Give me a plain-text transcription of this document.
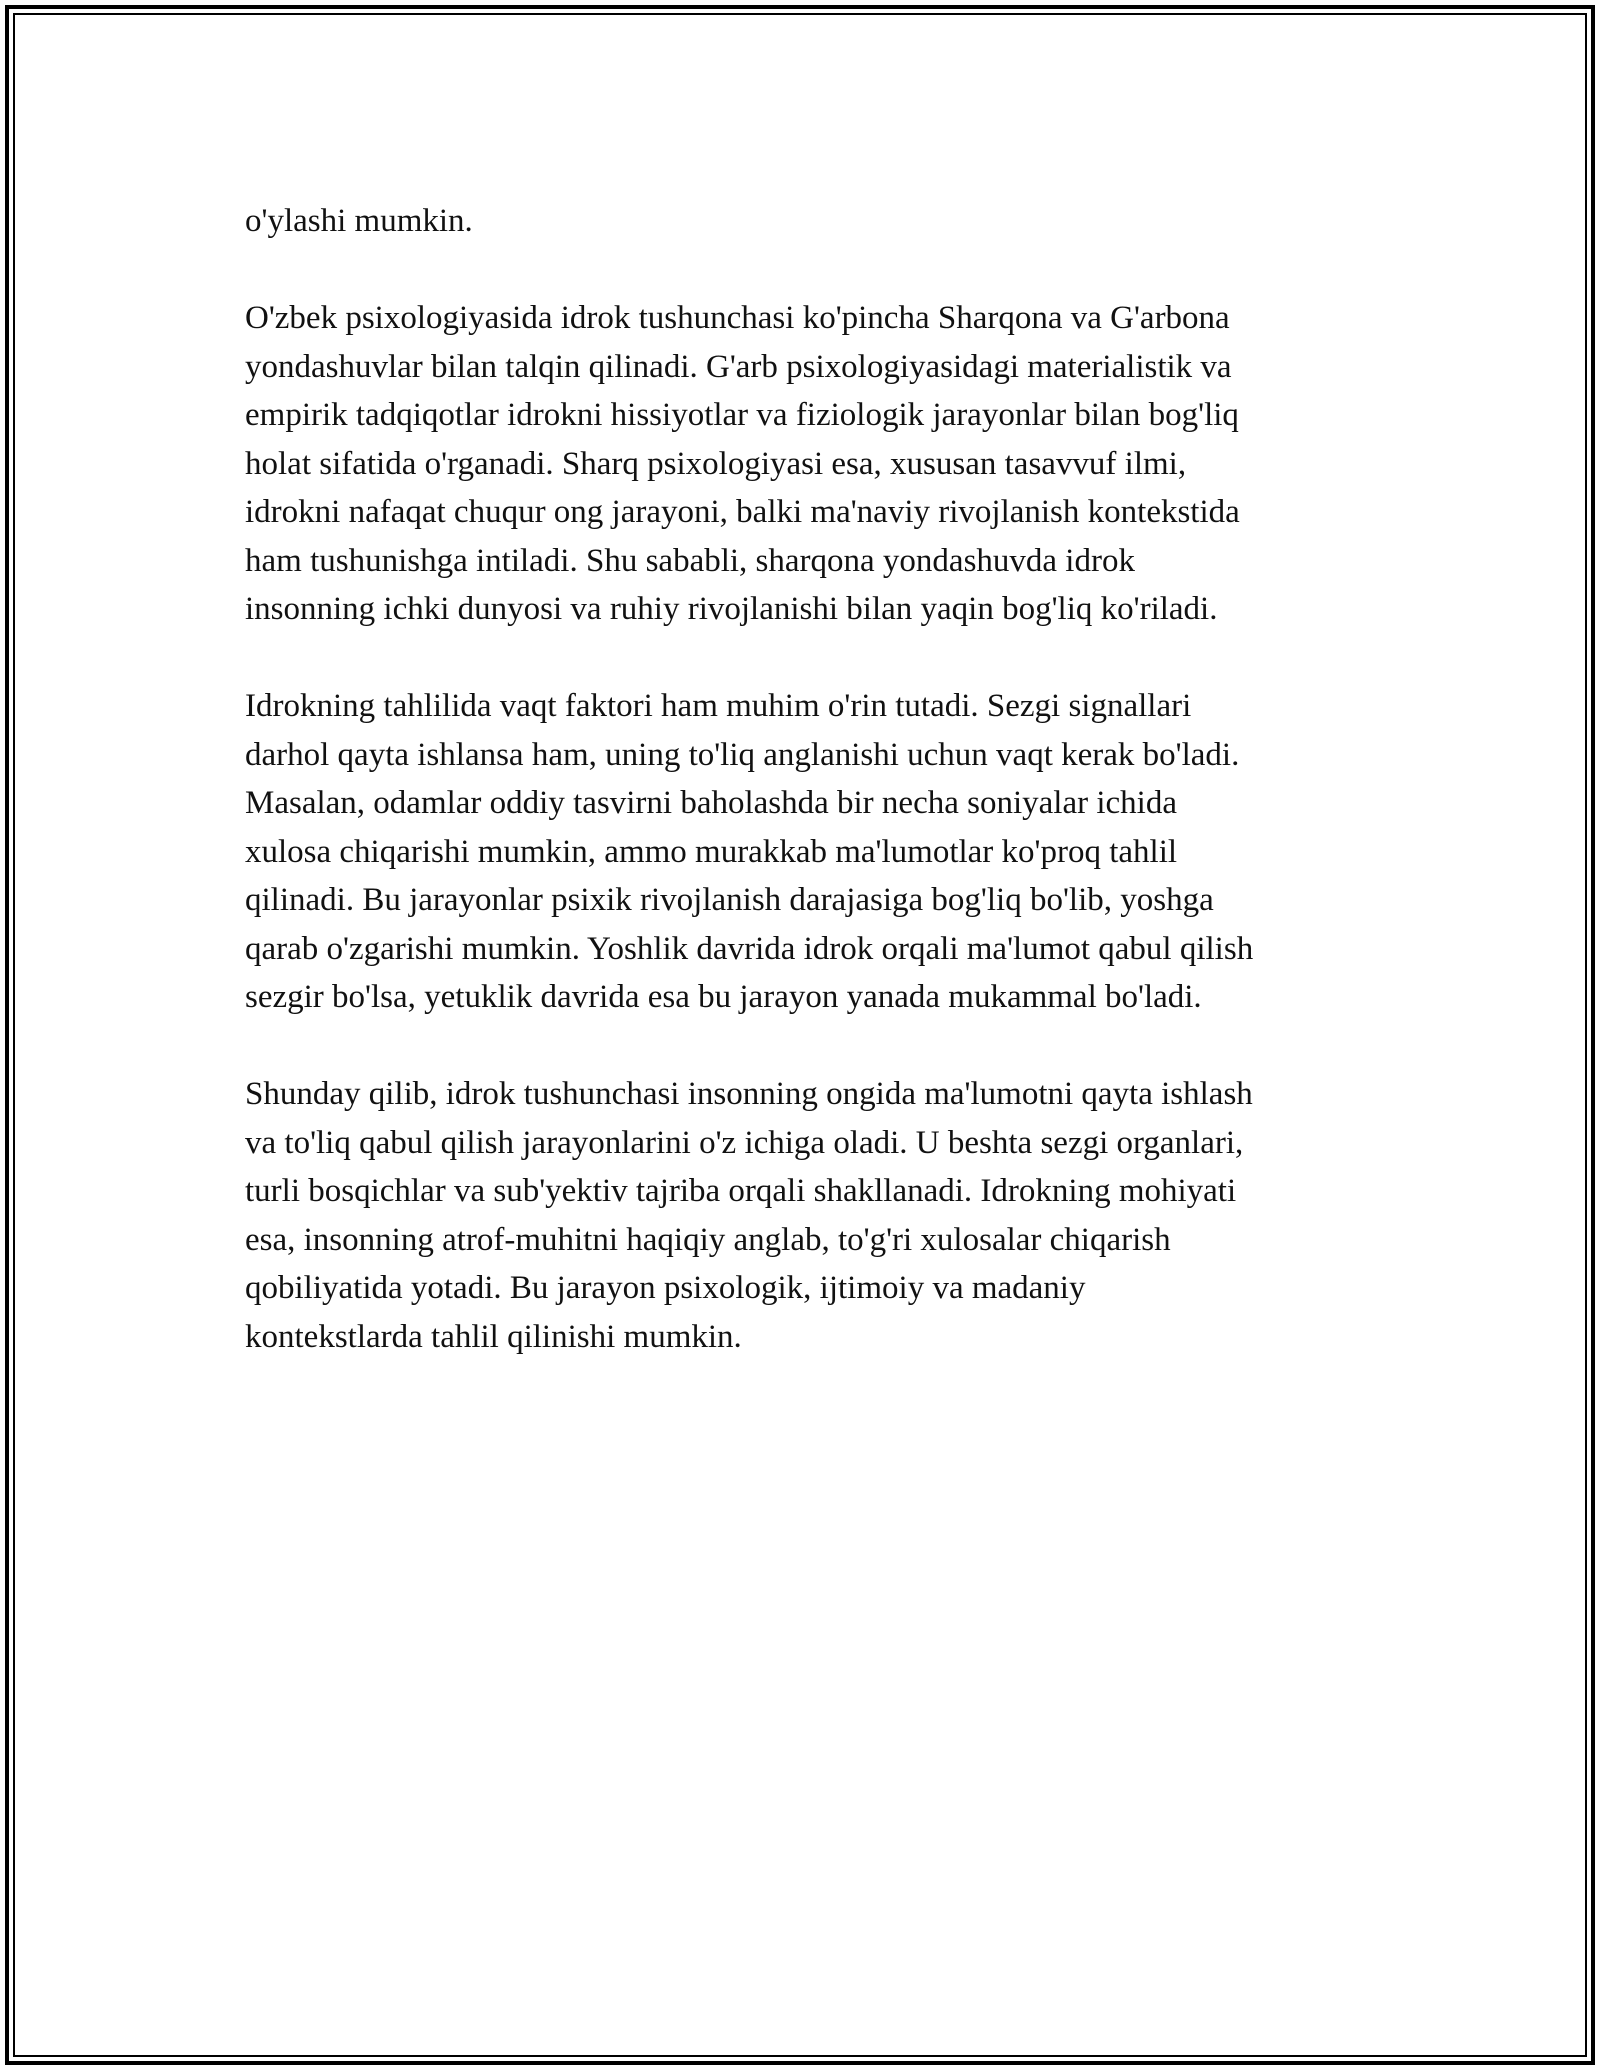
o'ylashi mumkin.

O'zbek psixologiyasida idrok tushunchasi ko'pincha Sharqona va G'arbona
yondashuvlar bilan talqin qilinadi. G'arb psixologiyasidagi materialistik va
empirik tadqiqotlar idrokni hissiyotlar va fiziologik jarayonlar bilan bog'liq
holat sifatida o'rganadi. Sharq psixologiyasi esa, xususan tasavvuf ilmi,
idrokni nafaqat chuqur ong jarayoni, balki ma'naviy rivojlanish kontekstida
ham tushunishga intiladi. Shu sababli, sharqona yondashuvda idrok
insonning ichki dunyosi va ruhiy rivojlanishi bilan yaqin bog'liq ko'riladi.

Idrokning tahlilida vaqt faktori ham muhim o'rin tutadi. Sezgi signallari
darhol qayta ishlansa ham, uning to'liq anglanishi uchun vaqt kerak bo'ladi.
Masalan, odamlar oddiy tasvirni baholashda bir necha soniyalar ichida
xulosa chiqarishi mumkin, ammo murakkab ma'lumotlar ko'proq tahlil
qilinadi. Bu jarayonlar psixik rivojlanish darajasiga bog'liq bo'lib, yoshga
qarab o'zgarishi mumkin. Yoshlik davrida idrok orqali ma'lumot qabul qilish
sezgir bo'lsa, yetuklik davrida esa bu jarayon yanada mukammal bo'ladi.

Shunday qilib, idrok tushunchasi insonning ongida ma'lumotni qayta ishlash
va to'liq qabul qilish jarayonlarini o'z ichiga oladi. U beshta sezgi organlari,
turli bosqichlar va sub'yektiv tajriba orqali shakllanadi. Idrokning mohiyati
esa, insonning atrof-muhitni haqiqiy anglab, to'g'ri xulosalar chiqarish
qobiliyatida yotadi. Bu jarayon psixologik, ijtimoiy va madaniy
kontekstlarda tahlil qilinishi mumkin.
